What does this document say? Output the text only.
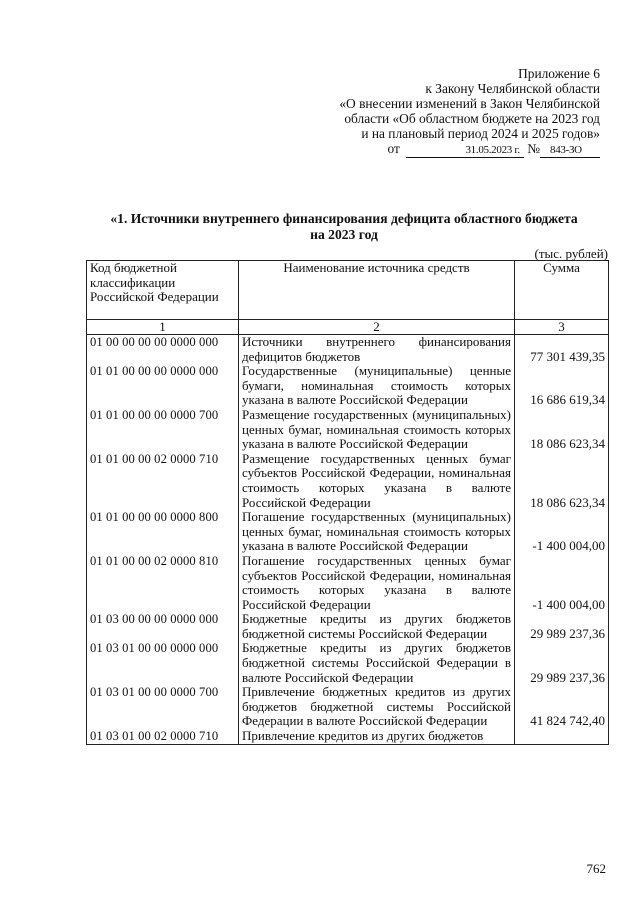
Приложение 6
к Закону Челябинской области
«О внесении изменений в Закон Челябинской
области «Об областном бюджете на 2023 год
и на плановый период 2024 и 2025 годов»
от	31.05.2023 г. № 843-ЗО
«1. Источники внутреннего финансирования дефицита областного бюджета
на 2023 год
(тыс. рублей)
Код бюджетной классификации Российской Федерации	Наименование источника средств	Сумма
1	2	3
01 00 00 00 00 0000 000	Источники внутреннего финансирования дефицитов бюджетов	77 301 439,35
01 01 00 00 00 0000 000	Государственные (муниципальные) ценные бумаги, номинальная стоимость которых указана в валюте Российской Федерации	16 686 619,34
01 01 00 00 00 0000 700	Размещение государственных (муниципальных) ценных бумаг, номинальная стоимость которых указана в валюте Российской Федерации	18 086 623,34
01 01 00 00 02 0000 710	Размещение государственных ценных бумаг субъектов Российской Федерации, номинальная стоимость которых указана в валюте Российской Федерации	18 086 623,34
01 01 00 00 00 0000 800	Погашение государственных (муниципальных) ценных бумаг, номинальная стоимость которых указана в валюте Российской Федерации	-1 400 004,00
01 01 00 00 02 0000 810	Погашение государственных ценных бумаг субъектов Российской Федерации, номинальная стоимость которых указана в валюте Российской Федерации	-1 400 004,00
01 03 00 00 00 0000 000	Бюджетные кредиты из других бюджетов бюджетной системы Российской Федерации	29 989 237,36
01 03 01 00 00 0000 000	Бюджетные кредиты из других бюджетов бюджетной системы Российской Федерации в валюте Российской Федерации	29 989 237,36
01 03 01 00 00 0000 700	Привлечение бюджетных кредитов из других бюджетов бюджетной системы Российской Федерации в валюте Российской Федерации	41 824 742,40
01 03 01 00 02 0000 710	Привлечение кредитов из других бюджетов	
762
